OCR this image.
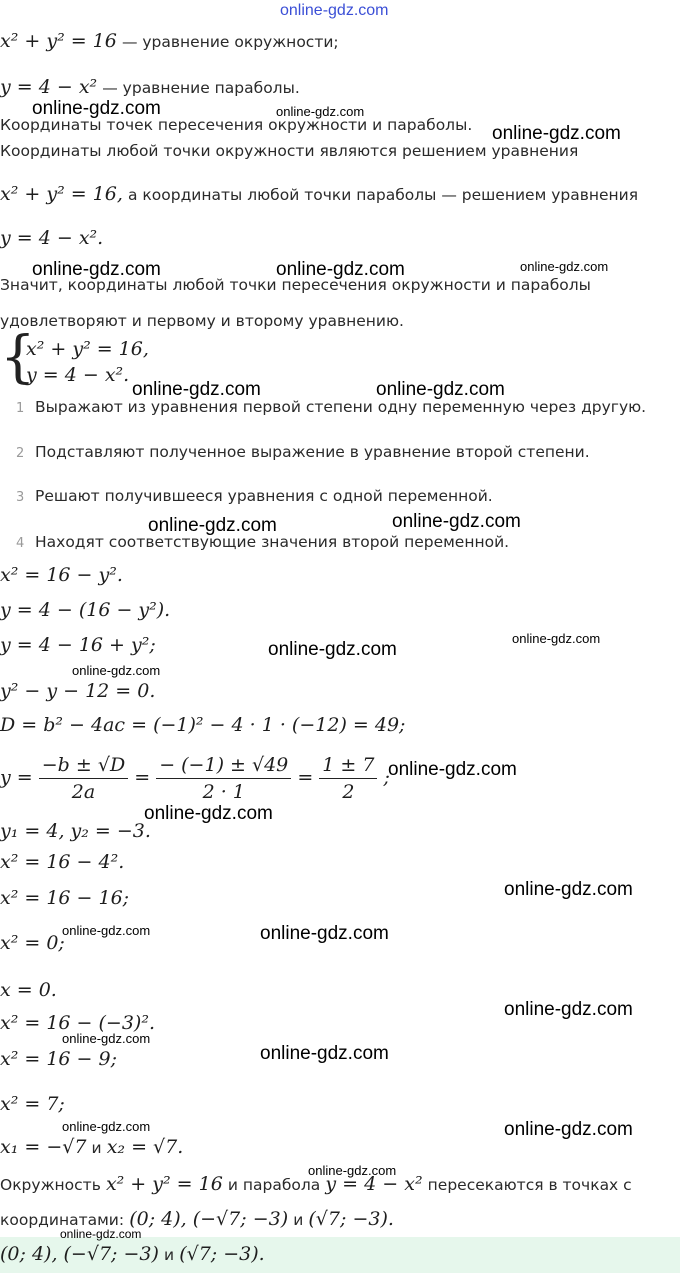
online-gdz.com
x² + y² = 16 — уравнение окружности;
y = 4 − x² — уравнение параболы.
Координаты точек пересечения окружности и параболы.
Координаты любой точки окружности являются решением уравнения
x² + y² = 16, а координаты любой точки параболы — решением уравнения
y = 4 − x².
Значит, координаты любой точки пересечения окружности и параболы
удовлетворяют и первому и второму уравнению.
{
x² + y² = 16,
y = 4 − x².
1 Выражают из уравнения первой степени одну переменную через другую.
2 Подставляют полученное выражение в уравнение второй степени.
3 Решают получившееся уравнения с одной переменной.
4 Находят соответствующие значения второй переменной.
x² = 16 − y².
y = 4 − (16 − y²).
y = 4 − 16 + y²;
y² − y − 12 = 0.
D = b² − 4ac = (−1)² − 4 · 1 · (−12) = 49;
$y = \frac{-b \pm √D}{2a} = \frac{- (-1) \pm √49}{2 \cdot 1} = \frac{1 \pm 7}{2}$ ;
y₁ = 4, y₂ = −3.
x² = 16 − 4².
x² = 16 − 16;
x² = 0;
x = 0.
x² = 16 − (−3)².
x² = 16 − 9;
x² = 7;
x₁ = −√7 и x₂ = √7.
Окружность x² + y² = 16 и парабола y = 4 − x² пересекаются в точках с
координатами: (0; 4), (−√7; −3) и (√7; −3).
(0; 4), (−√7; −3) и (√7; −3).
online-gdz.com	online-gdz.com
online-gdz.com
online-gdz.com	online-gdz.com	online-gdz.com
online-gdz.com	online-gdz.com
online-gdz.com	online-gdz.com
online-gdz.com
online-gdz.com
online-gdz.com
online-gdz.com
online-gdz.com
online-gdz.com
online-gdz.com	online-gdz.com
online-gdz.com
online-gdz.com
online-gdz.com
online-gdz.com	online-gdz.com
online-gdz.com
online-gdz.com
